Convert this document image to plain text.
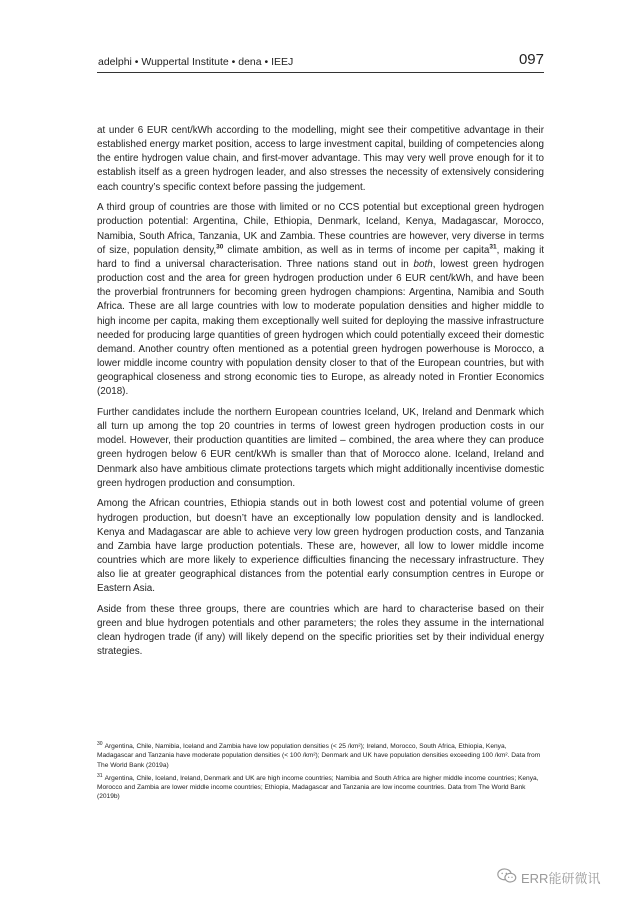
adelphi • Wuppertal Institute • dena • IEEJ	097

at under 6 EUR cent/kWh according to the modelling, might see their competitive advantage in their established energy market position, access to large investment capital, building of competencies along the entire hydrogen value chain, and first-mover advantage. This may very well prove enough for it to establish itself as a green hydrogen leader, and also stresses the necessity of extensively considering each country’s specific context before passing the judgement.

A third group of countries are those with limited or no CCS potential but exceptional green hydrogen production potential: Argentina, Chile, Ethiopia, Denmark, Iceland, Kenya, Madagascar, Morocco, Namibia, South Africa, Tanzania, UK and Zambia. These countries are however, very diverse in terms of size, population density,$^{30}$ climate ambition, as well as in terms of income per capita$^{31}$, making it hard to find a universal characterisation. Three nations stand out in both, lowest green hydrogen production cost and the area for green hydrogen production under 6 EUR cent/kWh, and have been the proverbial frontrunners for becoming green hydrogen champions: Argentina, Namibia and South Africa. These are all large countries with low to moderate population densities and higher middle to high income per capita, making them exceptionally well suited for deploying the massive infrastructure needed for producing large quantities of green hydrogen which could potentially exceed their domestic demand. Another country often mentioned as a potential green hydrogen powerhouse is Morocco, a lower middle income country with population density closer to that of the European countries, but with geographical closeness and strong economic ties to Europe, as already noted in Frontier Economics (2018).

Further candidates include the northern European countries Iceland, UK, Ireland and Denmark which all turn up among the top 20 countries in terms of lowest green hydrogen production costs in our model. However, their production quantities are limited – combined, the area where they can produce green hydrogen below 6 EUR cent/kWh is smaller than that of Morocco alone. Iceland, Ireland and Denmark also have ambitious climate protections targets which might additionally incentivise domestic green hydrogen production and consumption.

Among the African countries, Ethiopia stands out in both lowest cost and potential volume of green hydrogen production, but doesn’t have an exceptionally low population density and is landlocked. Kenya and Madagascar are able to achieve very low green hydrogen production costs, and Tanzania and Zambia have large production potentials. These are, however, all low to lower middle income countries which are more likely to experience difficulties financing the necessary infrastructure. They also lie at greater geographical distances from the potential early consumption centres in Europe or Eastern Asia.

Aside from these three groups, there are countries which are hard to characterise based on their green and blue hydrogen potentials and other parameters; the roles they assume in the international clean hydrogen trade (if any) will likely depend on the specific priorities set by their individual energy strategies.

$^{30}$ Argentina, Chile, Namibia, Iceland and Zambia have low population densities (< 25 /km²); Ireland, Morocco, South Africa, Ethiopia, Kenya, Madagascar and Tanzania have moderate population densities (< 100 /km²); Denmark and UK have population densities exceeding 100 /km². Data from The World Bank (2019a)
$^{31}$ Argentina, Chile, Iceland, Ireland, Denmark and UK are high income countries; Namibia and South Africa are higher middle income countries; Kenya, Morocco and Zambia are lower middle income countries; Ethiopia, Madagascar and Tanzania are low income countries. Data from The World Bank (2019b)
ERR能研微讯
